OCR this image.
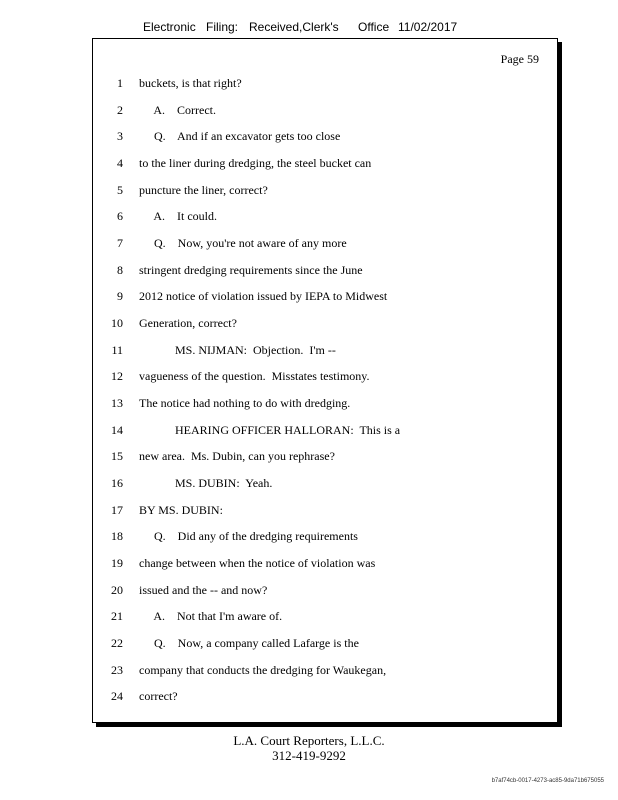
Electronic Filing: Received,Clerk's Office 11/02/2017
Page 59
1 buckets, is that right?
2 A.    Correct.
3 Q.    And if an excavator gets too close
4 to the liner during dredging, the steel bucket can
5 puncture the liner, correct?
6 A.    It could.
7 Q.    Now, you're not aware of any more
8 stringent dredging requirements since the June
9 2012 notice of violation issued by IEPA to Midwest
10 Generation, correct?
11 MS. NIJMAN:  Objection.  I'm --
12 vagueness of the question.  Misstates testimony.
13 The notice had nothing to do with dredging.
14 HEARING OFFICER HALLORAN:  This is a
15 new area.  Ms. Dubin, can you rephrase?
16 MS. DUBIN:  Yeah.
17 BY MS. DUBIN:
18 Q.    Did any of the dredging requirements
19 change between when the notice of violation was
20 issued and the -- and now?
21 A.    Not that I'm aware of.
22 Q.    Now, a company called Lafarge is the
23 company that conducts the dredging for Waukegan,
24 correct?
L.A. Court Reporters, L.L.C.
312-419-9292
b7af74cb-0017-4273-ac85-9da71b675055
